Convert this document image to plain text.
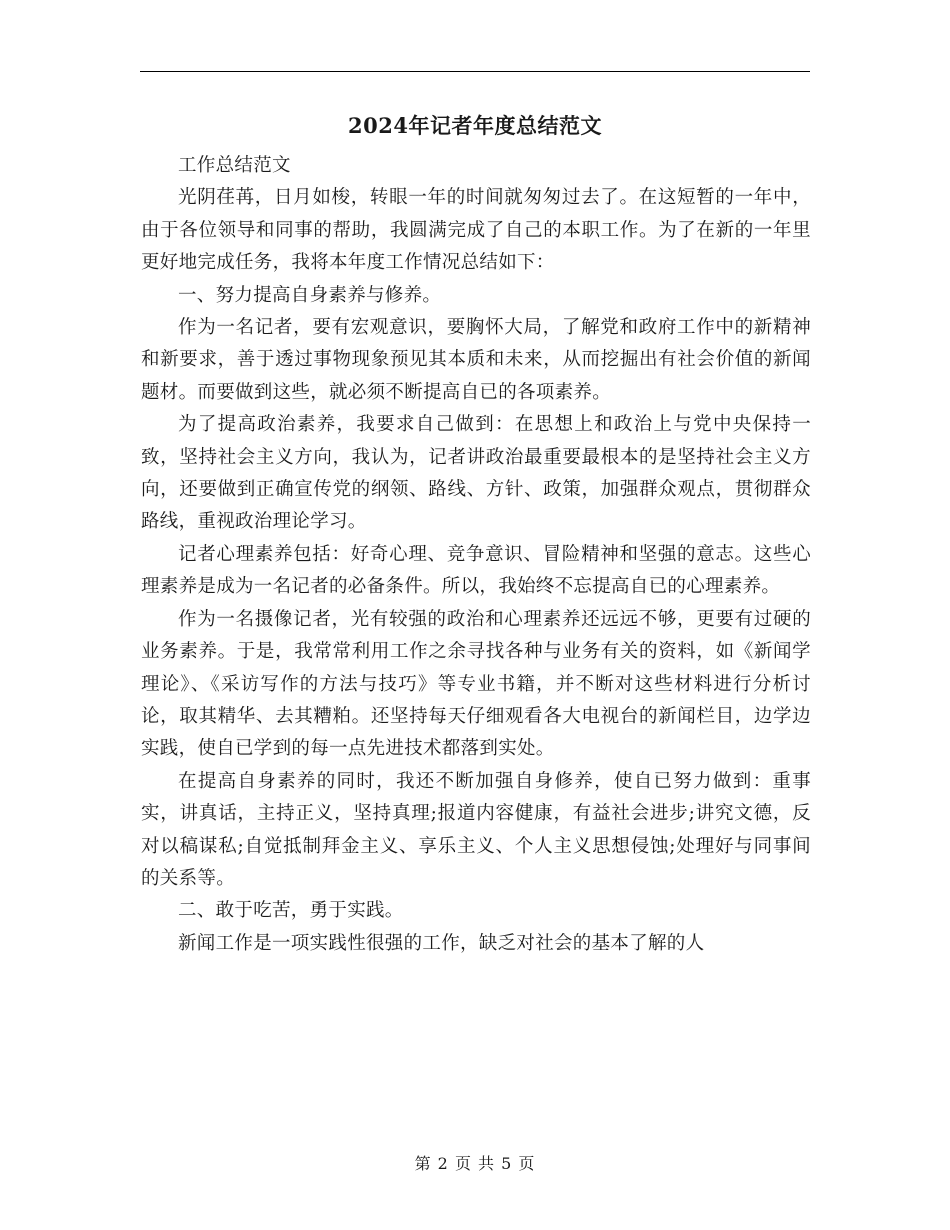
2024年记者年度总结范文

工作总结范文

光阴荏苒，日月如梭，转眼一年的时间就匆匆过去了。在这短暂的一年中，由于各位领导和同事的帮助，我圆满完成了自己的本职工作。为了在新的一年里更好地完成任务，我将本年度工作情况总结如下：

一、努力提高自身素养与修养。

作为一名记者，要有宏观意识，要胸怀大局，了解党和政府工作中的新精神和新要求，善于透过事物现象预见其本质和未来，从而挖掘出有社会价值的新闻题材。而要做到这些，就必须不断提高自已的各项素养。

为了提高政治素养，我要求自己做到：在思想上和政治上与党中央保持一致，坚持社会主义方向，我认为，记者讲政治最重要最根本的是坚持社会主义方向，还要做到正确宣传党的纲领、路线、方针、政策，加强群众观点，贯彻群众路线，重视政治理论学习。

记者心理素养包括：好奇心理、竞争意识、冒险精神和坚强的意志。这些心理素养是成为一名记者的必备条件。所以，我始终不忘提高自已的心理素养。

作为一名摄像记者，光有较强的政治和心理素养还远远不够，更要有过硬的业务素养。于是，我常常利用工作之余寻找各种与业务有关的资料，如《新闻学理论》、《采访写作的方法与技巧》等专业书籍，并不断对这些材料进行分析讨论，取其精华、去其糟粕。还坚持每天仔细观看各大电视台的新闻栏目，边学边实践，使自已学到的每一点先进技术都落到实处。

在提高自身素养的同时，我还不断加强自身修养，使自已努力做到：重事实，讲真话，主持正义，坚持真理;报道内容健康，有益社会进步;讲究文德，反对以稿谋私;自觉抵制拜金主义、享乐主义、个人主义思想侵蚀;处理好与同事间的关系等。

二、敢于吃苦，勇于实践。

新闻工作是一项实践性很强的工作，缺乏对社会的基本了解的人

第 2 页 共 5 页
